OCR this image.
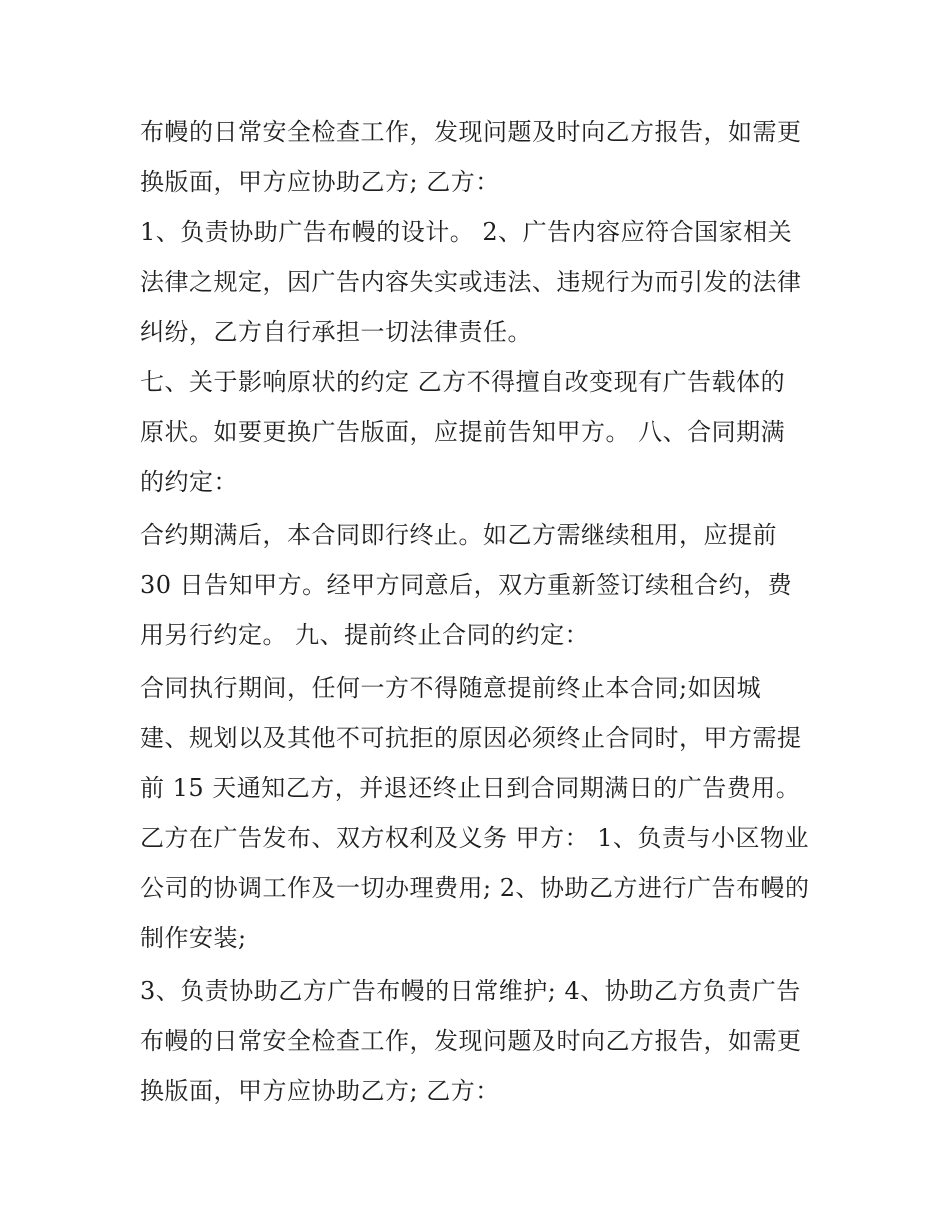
布幔的日常安全检查工作，发现问题及时向乙方报告，如需更
换版面，甲方应协助乙方; 乙方：
1、负责协助广告布幔的设计。 2、广告内容应符合国家相关
法律之规定，因广告内容失实或违法、违规行为而引发的法律
纠纷，乙方自行承担一切法律责任。
七、关于影响原状的约定 乙方不得擅自改变现有广告载体的
原状。如要更换广告版面，应提前告知甲方。 八、合同期满
的约定：
合约期满后，本合同即行终止。如乙方需继续租用，应提前
30 日告知甲方。经甲方同意后，双方重新签订续租合约，费
用另行约定。 九、提前终止合同的约定：
合同执行期间，任何一方不得随意提前终止本合同;如因城
建、规划以及其他不可抗拒的原因必须终止合同时，甲方需提
前 15 天通知乙方，并退还终止日到合同期满日的广告费用。
乙方在广告发布、双方权利及义务 甲方： 1、负责与小区物业
公司的协调工作及一切办理费用; 2、协助乙方进行广告布幔的
制作安装;
3、负责协助乙方广告布幔的日常维护; 4、协助乙方负责广告
布幔的日常安全检查工作，发现问题及时向乙方报告，如需更
换版面，甲方应协助乙方; 乙方：
